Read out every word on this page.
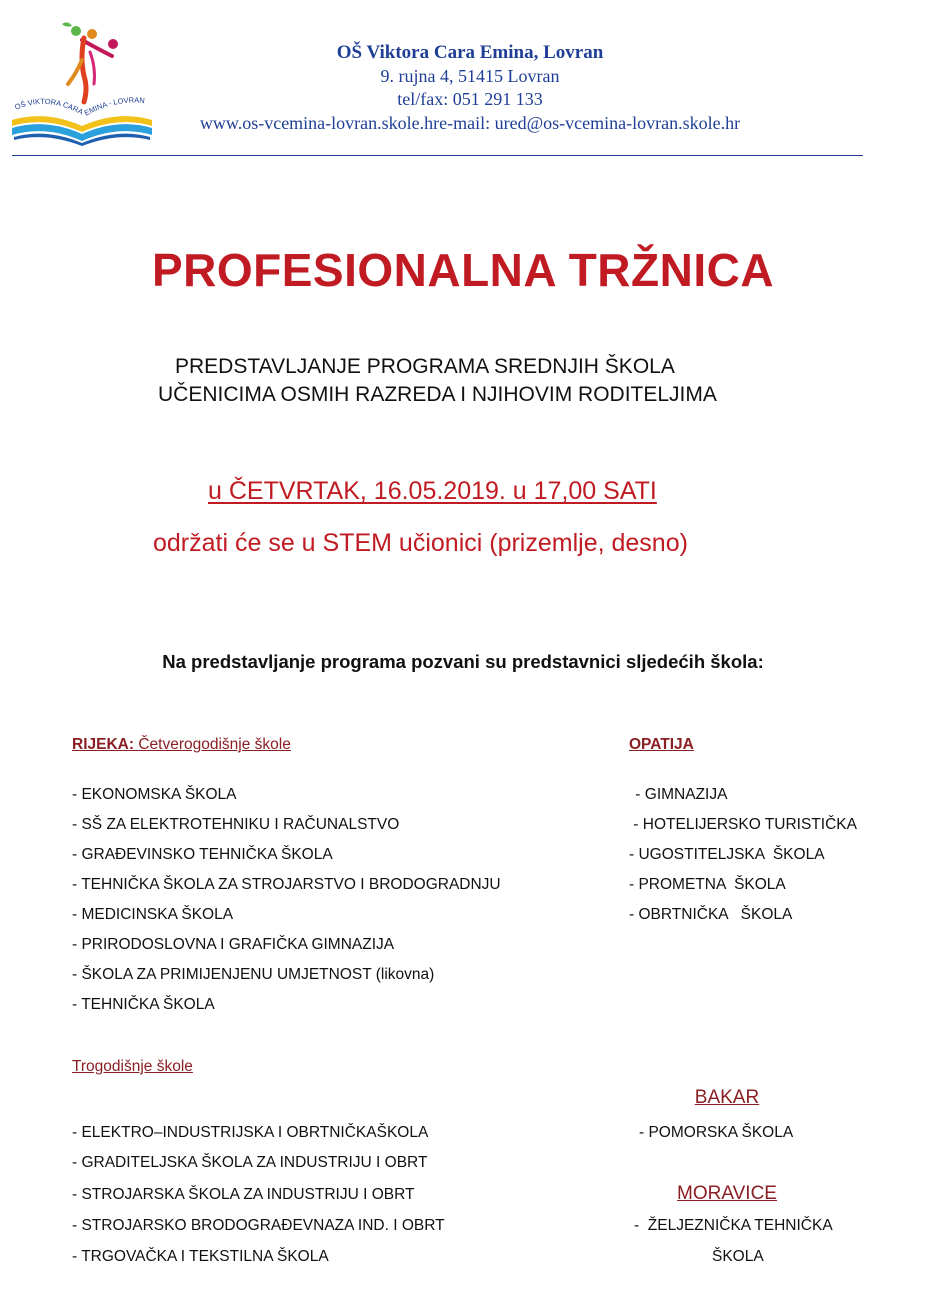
OŠ VIKTORA CARA
EMINA - LOVRAN
OŠ Viktora Cara Emina, Lovran
9. rujna 4, 51415 Lovran
tel/fax: 051 291 133
www.os-vcemina-lovran.skole.hre-mail: ured@os-vcemina-lovran.skole.hr
PROFESIONALNA TRŽNICA
PREDSTAVLJANJE PROGRAMA SREDNJIH ŠKOLA
UČENICIMA OSMIH RAZREDA I NJIHOVIM RODITELJIMA
u ČETVRTAK, 16.05.2019. u 17,00 SATI
održati će se u STEM učionici (prizemlje, desno)
Na predstavljanje programa pozvani su predstavnici sljedećih škola:
RIJEKA: Četverogodišnje škole
- EKONOMSKA ŠKOLA
- SŠ ZA ELEKTROTEHNIKU I RAČUNALSTVO
- GRAĐEVINSKO TEHNIČKA ŠKOLA
- TEHNIČKA ŠKOLA ZA STROJARSTVO I BRODOGRADNJU
- MEDICINSKA ŠKOLA
- PRIRODOSLOVNA I GRAFIČKA GIMNAZIJA
- ŠKOLA ZA PRIMIJENJENU UMJETNOST (likovna)
- TEHNIČKA ŠKOLA
Trogodišnje škole
- ELEKTRO–INDUSTRIJSKA I OBRTNIČKAŠKOLA
- GRADITELJSKA ŠKOLA ZA INDUSTRIJU I OBRT
- STROJARSKA ŠKOLA ZA INDUSTRIJU I OBRT
- STROJARSKO BRODOGRAĐEVNAZA IND. I OBRT
- TRGOVAČKA I TEKSTILNA ŠKOLA
OPATIJA
- GIMNAZIJA
- HOTELIJERSKO TURISTIČKA
- UGOSTITELJSKA  ŠKOLA
- PROMETNA  ŠKOLA
- OBRTNIČKA   ŠKOLA
BAKAR
- POMORSKA ŠKOLA
MORAVICE
-  ŽELJEZNIČKA TEHNIČKA
ŠKOLA
